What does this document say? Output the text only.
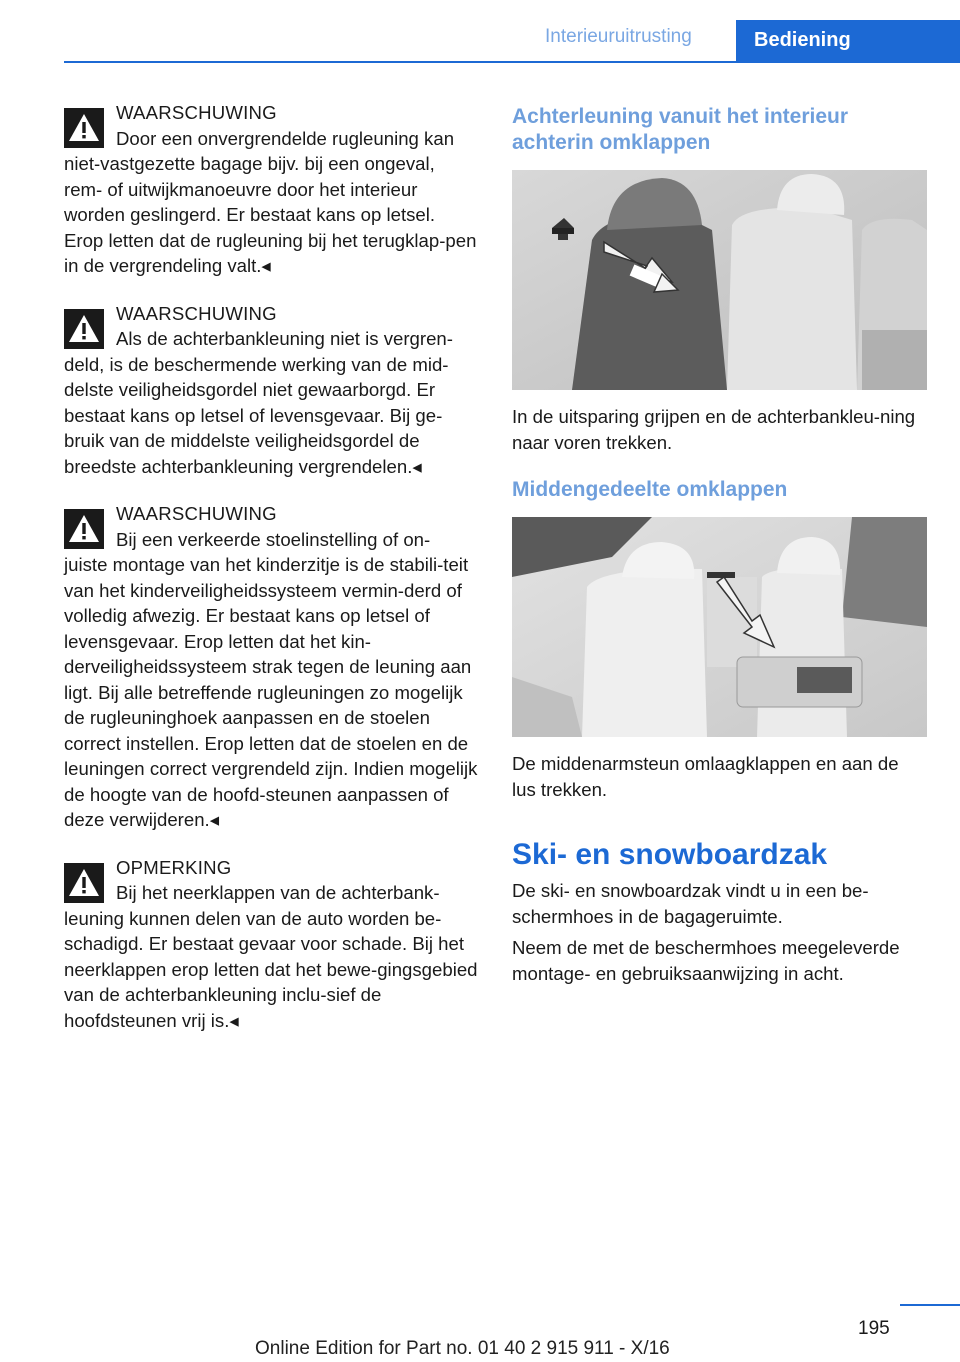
Interieuruitrusting	Bediening
WAARSCHUWING
Door een onvergrendelde rugleuning kan
niet-vastgezette bagage bijv. bij een ongeval, rem- of uitwijkmanoeuvre door het interieur worden geslingerd. Er bestaat kans op letsel. Erop letten dat de rugleuning bij het terugklap-pen in de vergrendeling valt.◂
WAARSCHUWING
Als de achterbankleuning niet is vergren-
deld, is de beschermende werking van de mid-delste veiligheidsgordel niet gewaarborgd. Er bestaat kans op letsel of levensgevaar. Bij ge-bruik van de middelste veiligheidsgordel de breedste achterbankleuning vergrendelen.◂
WAARSCHUWING
Bij een verkeerde stoelinstelling of on-
juiste montage van het kinderzitje is de stabili-teit van het kinderveiligheidssysteem vermin-derd of volledig afwezig. Er bestaat kans op letsel of levensgevaar. Erop letten dat het kin-derveiligheidssysteem strak tegen de leuning aan ligt. Bij alle betreffende rugleuningen zo mogelijk de rugleuninghoek aanpassen en de stoelen correct instellen. Erop letten dat de stoelen en de leuningen correct vergrendeld zijn. Indien mogelijk de hoogte van de hoofd-steunen aanpassen of deze verwijderen.◂
OPMERKING
Bij het neerklappen van de achterbank-
leuning kunnen delen van de auto worden be-schadigd. Er bestaat gevaar voor schade. Bij het neerklappen erop letten dat het bewe-gingsgebied van de achterbankleuning inclu-sief de hoofdsteunen vrij is.◂
Achterleuning vanuit het interieur achterin omklappen

In de uitsparing grijpen en de achterbankleu-ning naar voren trekken.

Middengedeelte omklappen

De middenarmsteun omlaagklappen en aan de lus trekken.

Ski- en snowboardzak

De ski- en snowboardzak vindt u in een be-schermhoes in de bagageruimte.

Neem de met de beschermhoes meegeleverde montage- en gebruiksaanwijzing in acht.

195
Online Edition for Part no. 01 40 2 915 911 - X/16
